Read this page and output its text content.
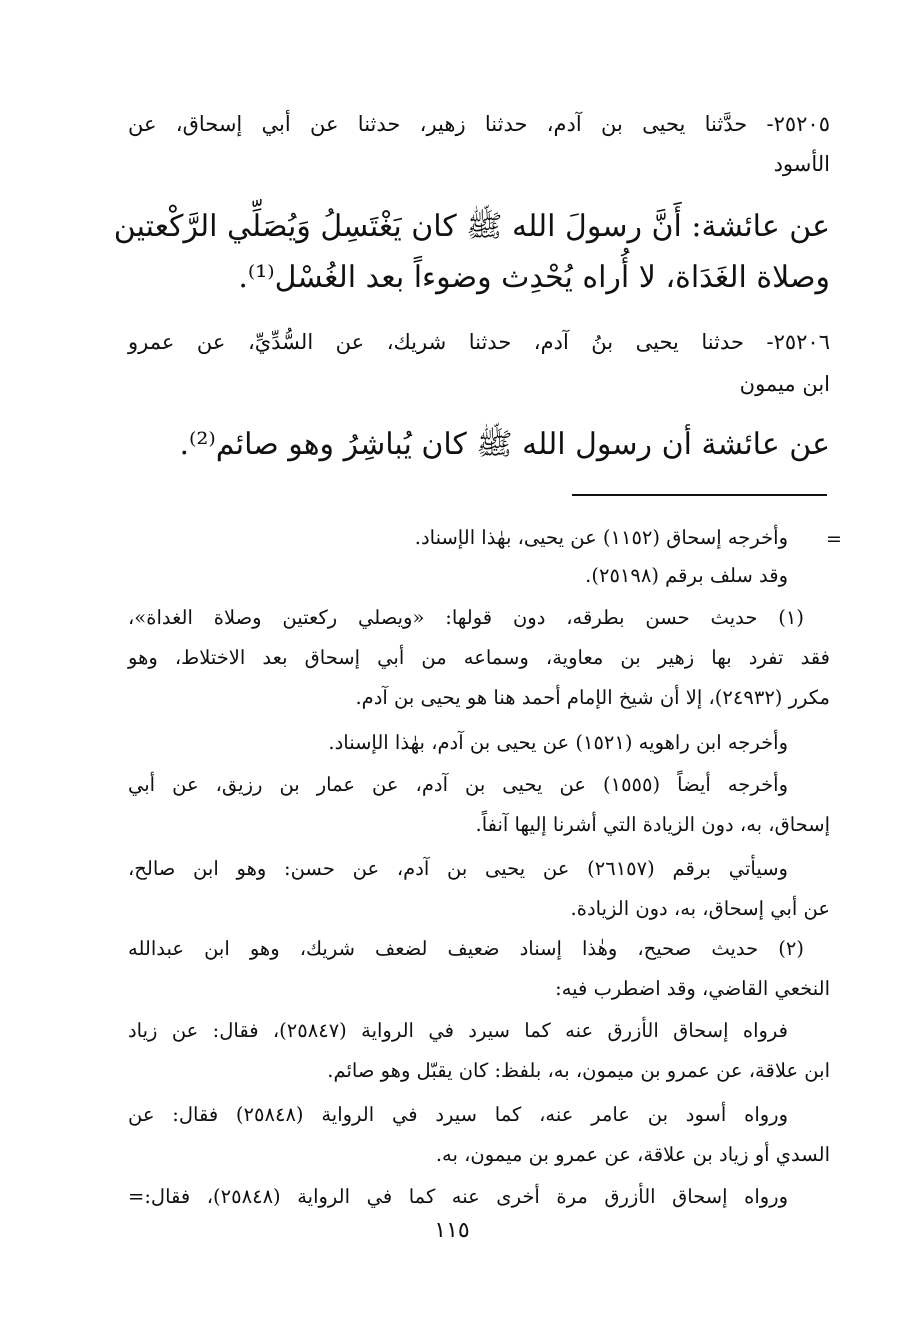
٢٥٢٠٥- حدَّثنا يحيى بن آدم، حدثنا زهير، حدثنا عن أبي إسحاق، عن
الأسود
عن عائشة: أَنَّ رسولَ الله ﷺ كان يَغْتَسِلُ وَيُصَلِّي الرَّكْعتين
وصلاة الغَدَاة، لا أُراه يُحْدِث وضوءاً بعد الغُسْل⁽¹⁾.
٢٥٢٠٦- حدثنا يحيى بنُ آدم، حدثنا شريك، عن السُّدِّيِّ، عن عمرو
ابن ميمون
عن عائشة أن رسول الله ﷺ كان يُباشِرُ وهو صائم⁽²⁾.
=
وأخرجه إسحاق (١١٥٢) عن يحيى، بهٰذا الإسناد.
وقد سلف برقم (٢٥١٩٨).
(١) حديث حسن بطرقه، دون قولها: «ويصلي ركعتين وصلاة الغداة»،
فقد تفرد بها زهير بن معاوية، وسماعه من أبي إسحاق بعد الاختلاط، وهو
مكرر (٢٤٩٣٢)، إلا أن شيخ الإمام أحمد هنا هو يحيى بن آدم.
وأخرجه ابن راهويه (١٥٢١) عن يحيى بن آدم، بهٰذا الإسناد.
وأخرجه أيضاً (١٥٥٥) عن يحيى بن آدم، عن عمار بن رزيق، عن أبي
إسحاق، به، دون الزيادة التي أشرنا إليها آنفاً.
وسيأتي برقم (٢٦١٥٧) عن يحيى بن آدم، عن حسن: وهو ابن صالح،
عن أبي إسحاق، به، دون الزيادة.
(٢) حديث صحيح، وهٰذا إسناد ضعيف لضعف شريك، وهو ابن عبدالله
النخعي القاضي، وقد اضطرب فيه:
فرواه إسحاق الأزرق عنه كما سيرد في الرواية (٢٥٨٤٧)، فقال: عن زياد
ابن علاقة، عن عمرو بن ميمون، به، بلفظ: كان يقبّل وهو صائم.
ورواه أسود بن عامر عنه، كما سيرد في الرواية (٢٥٨٤٨) فقال: عن
السدي أو زياد بن علاقة، عن عمرو بن ميمون، به.
ورواه إسحاق الأزرق مرة أخرى عنه كما في الرواية (٢٥٨٤٨)، فقال:=
١١٥
